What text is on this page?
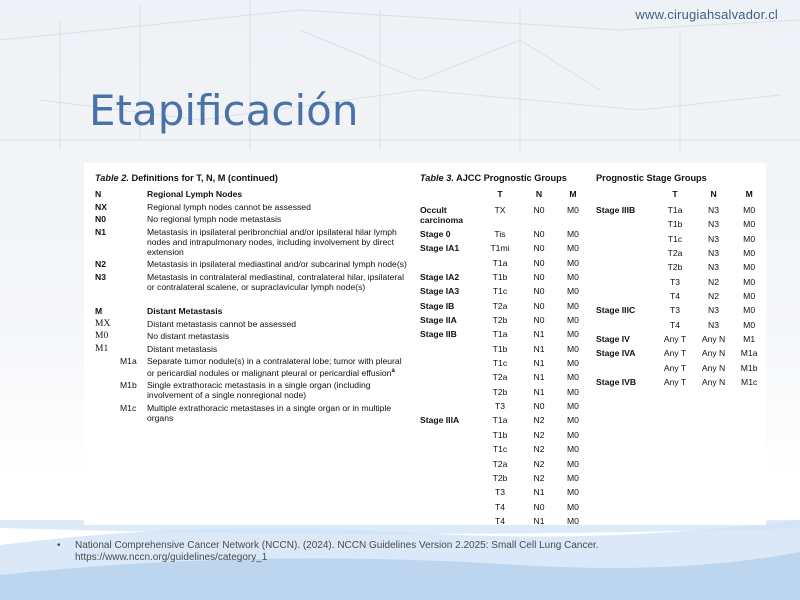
www.cirugiahsalvador.cl
Etapificación
Table 2. Definitions for T, N, M (continued)
N	Regional Lymph Nodes
NX	Regional lymph nodes cannot be assessed
N0	No regional lymph node metastasis
N1	Metastasis in ipsilateral peribronchial and/or ipsilateral hilar lymph nodes and intrapulmonary nodes, including involvement by direct extension
N2	Metastasis in ipsilateral mediastinal and/or subcarinal lymph node(s)
N3	Metastasis in contralateral mediastinal, contralateral hilar, ipsilateral or contralateral scalene, or supraclavicular lymph node(s)
M	Distant Metastasis
MX	Distant metastasis cannot be assessed
M0	No distant metastasis
M1	Distant metastasis
M1a	Separate tumor nodule(s) in a contralateral lobe; tumor with pleural or pericardial nodules or malignant pleural or pericardial effusion$^a$
M1b	Single extrathoracic metastasis in a single organ (including involvement of a single nonregional node)
M1c	Multiple extrathoracic metastases in a single organ or in multiple organs
Table 3. AJCC Prognostic Groups
	T	N	M
Occult carcinoma	TX	N0	M0
Stage 0	Tis	N0	M0
Stage IA1	T1mi	N0	M0
	T1a	N0	M0
Stage IA2	T1b	N0	M0
Stage IA3	T1c	N0	M0
Stage IB	T2a	N0	M0
Stage IIA	T2b	N0	M0
Stage IIB	T1a	N1	M0
	T1b	N1	M0
	T1c	N1	M0
	T2a	N1	M0
	T2b	N1	M0
	T3	N0	M0
Stage IIIA	T1a	N2	M0
	T1b	N2	M0
	T1c	N2	M0
	T2a	N2	M0
	T2b	N2	M0
	T3	N1	M0
	T4	N0	M0
	T4	N1	M0
Prognostic Stage Groups
	T	N	M
Stage IIIB	T1a	N3	M0
	T1b	N3	M0
	T1c	N3	M0
	T2a	N3	M0
	T2b	N3	M0
	T3	N2	M0
	T4	N2	M0
Stage IIIC	T3	N3	M0
	T4	N3	M0
Stage IV	Any T	Any N	M1
Stage IVA	Any T	Any N	M1a
	Any T	Any N	M1b
Stage IVB	Any T	Any N	M1c
• National Comprehensive Cancer Network (NCCN). (2024). NCCN Guidelines Version 2.2025: Small Cell Lung Cancer.
https://www.nccn.org/guidelines/category_1
